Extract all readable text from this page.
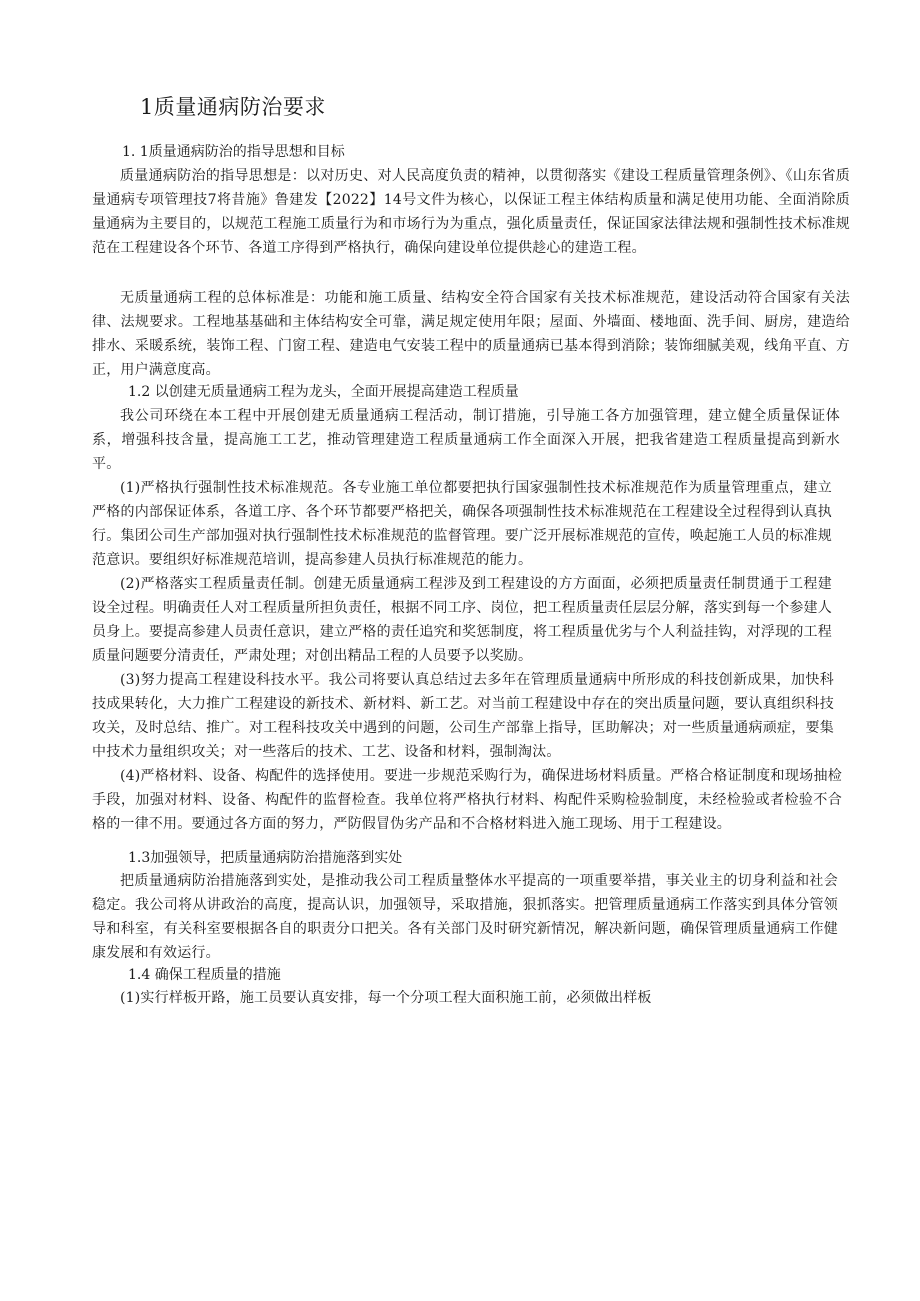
1质量通病防治要求
1. 1质量通病防治的指导思想和目标
质量通病防治的指导思想是：以对历史、对人民高度负责的精神，以贯彻落实《建设工程质量管理条例》、《山东省质量通病专项管理技7将昔施》鲁建发【2022】14号文件为核心，以保证工程主体结构质量和满足使用功能、全面消除质量通病为主要目的，以规范工程施工质量行为和市场行为为重点，强化质量责任，保证国家法律法规和强制性技术标准规范在工程建设各个环节、各道工序得到严格执行，确保向建设单位提供趁心的建造工程。
无质量通病工程的总体标准是：功能和施工质量、结构安全符合国家有关技术标准规范，建设活动符合国家有关法律、法规要求。工程地基基础和主体结构安全可靠，满足规定使用年限；屋面、外墙面、楼地面、洗手间、厨房，建造给排水、采暖系统，装饰工程、门窗工程、建造电气安装工程中的质量通病已基本得到消除；装饰细腻美观，线角平直、方正，用户满意度高。
1.2 以创建无质量通病工程为龙头，全面开展提高建造工程质量
我公司环绕在本工程中开展创建无质量通病工程活动，制订措施，引导施工各方加强管理，建立健全质量保证体系，增强科技含量，提高施工工艺，推动管理建造工程质量通病工作全面深入开展，把我省建造工程质量提高到新水平。
(1)严格执行强制性技术标准规范。各专业施工单位都要把执行国家强制性技术标准规范作为质量管理重点，建立严格的内部保证体系，各道工序、各个环节都要严格把关，确保各项强制性技术标准规范在工程建设全过程得到认真执行。集团公司生产部加强对执行强制性技术标准规范的监督管理。要广泛开展标准规范的宣传，唤起施工人员的标准规范意识。要组织好标准规范培训，提高参建人员执行标准规范的能力。
(2)严格落实工程质量责任制。创建无质量通病工程涉及到工程建设的方方面面，必须把质量责任制贯通于工程建设全过程。明确责任人对工程质量所担负责任，根据不同工序、岗位，把工程质量责任层层分解，落实到每一个参建人员身上。要提高参建人员责任意识，建立严格的责任追究和奖惩制度，将工程质量优劣与个人利益挂钩，对浮现的工程质量问题要分清责任，严肃处理；对创出精品工程的人员要予以奖励。
(3)努力提高工程建设科技水平。我公司将要认真总结过去多年在管理质量通病中所形成的科技创新成果，加快科技成果转化，大力推广工程建设的新技术、新材料、新工艺。对当前工程建设中存在的突出质量问题，要认真组织科技攻关，及时总结、推广。对工程科技攻关中遇到的问题，公司生产部靠上指导，匡助解决；对一些质量通病顽症，要集中技术力量组织攻关；对一些落后的技术、工艺、设备和材料，强制淘汰。
(4)严格材料、设备、构配件的选择使用。要进一步规范采购行为，确保进场材料质量。严格合格证制度和现场抽检手段，加强对材料、设备、构配件的监督检查。我单位将严格执行材料、构配件采购检验制度，未经检验或者检验不合格的一律不用。要通过各方面的努力，严防假冒伪劣产品和不合格材料进入施工现场、用于工程建设。
1.3加强领导，把质量通病防治措施落到实处
把质量通病防治措施落到实处，是推动我公司工程质量整体水平提高的一项重要举措，事关业主的切身利益和社会稳定。我公司将从讲政治的高度，提高认识，加强领导，采取措施，狠抓落实。把管理质量通病工作落实到具体分管领导和科室，有关科室要根据各自的职责分口把关。各有关部门及时研究新情况，解决新问题，确保管理质量通病工作健康发展和有效运行。
1.4 确保工程质量的措施
(1)实行样板开路，施工员要认真安排，每一个分项工程大面积施工前，必须做出样板
